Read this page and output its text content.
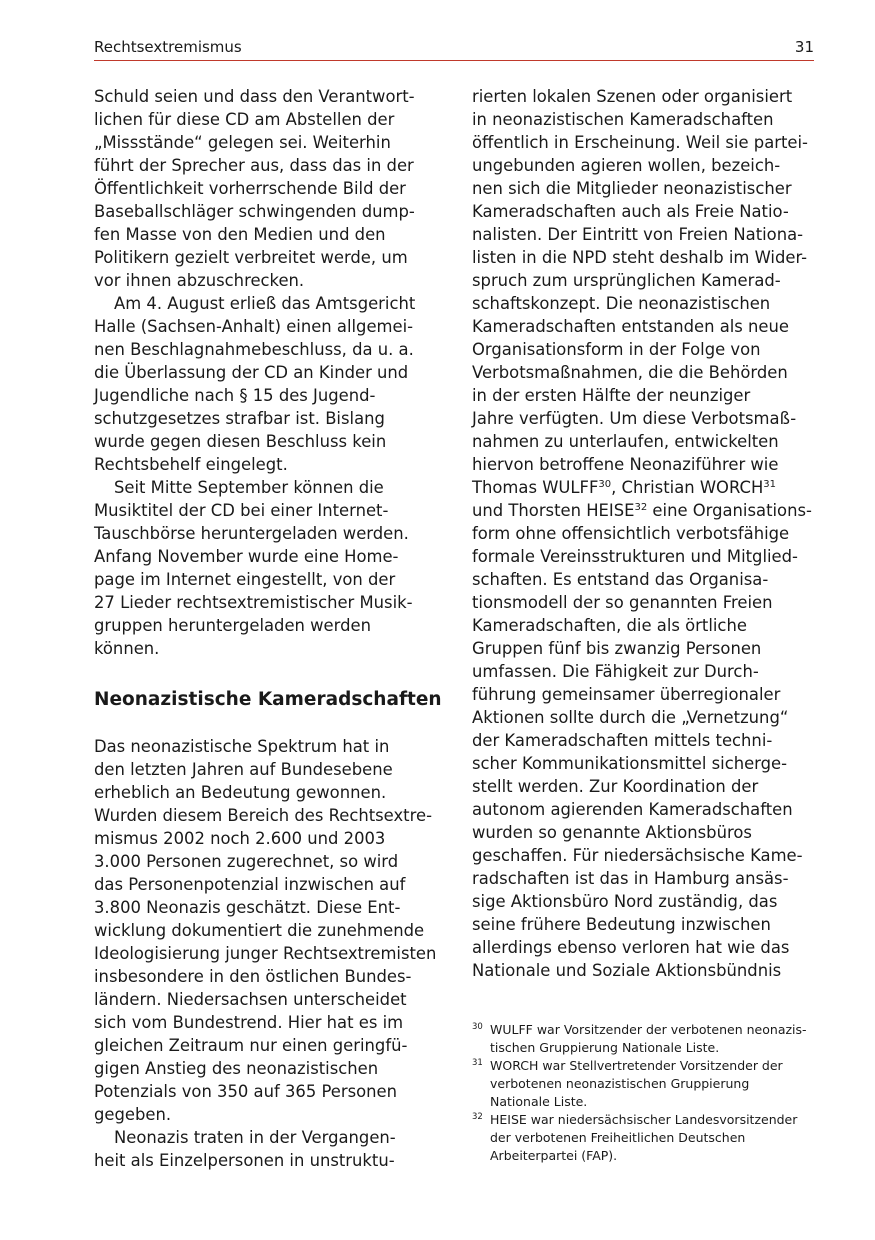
Rechtsextremismus	31
Schuld seien und dass den Verantwort-
lichen für diese CD am Abstellen der
„Missstände“ gelegen sei. Weiterhin
führt der Sprecher aus, dass das in der
Öffentlichkeit vorherrschende Bild der
Baseballschläger schwingenden dump-
fen Masse von den Medien und den
Politikern gezielt verbreitet werde, um
vor ihnen abzuschrecken.
Am 4. August erließ das Amtsgericht
Halle (Sachsen-Anhalt) einen allgemei-
nen Beschlagnahmebeschluss, da u. a.
die Überlassung der CD an Kinder und
Jugendliche nach § 15 des Jugend-
schutzgesetzes strafbar ist. Bislang
wurde gegen diesen Beschluss kein
Rechtsbehelf eingelegt.
Seit Mitte September können die
Musiktitel der CD bei einer Internet-
Tauschbörse heruntergeladen werden.
Anfang November wurde eine Home-
page im Internet eingestellt, von der
27 Lieder rechtsextremistischer Musik-
gruppen heruntergeladen werden
können.
Neonazistische Kameradschaften
Das neonazistische Spektrum hat in
den letzten Jahren auf Bundesebene
erheblich an Bedeutung gewonnen.
Wurden diesem Bereich des Rechtsextre-
mismus 2002 noch 2.600 und 2003
3.000 Personen zugerechnet, so wird
das Personenpotenzial inzwischen auf
3.800 Neonazis geschätzt. Diese Ent-
wicklung dokumentiert die zunehmende
Ideologisierung junger Rechtsextremisten
insbesondere in den östlichen Bundes-
ländern. Niedersachsen unterscheidet
sich vom Bundestrend. Hier hat es im
gleichen Zeitraum nur einen geringfü-
gigen Anstieg des neonazistischen
Potenzials von 350 auf 365 Personen
gegeben.
Neonazis traten in der Vergangen-
heit als Einzelpersonen in unstruktu-
rierten lokalen Szenen oder organisiert
in neonazistischen Kameradschaften
öffentlich in Erscheinung. Weil sie partei-
ungebunden agieren wollen, bezeich-
nen sich die Mitglieder neonazistischer
Kameradschaften auch als Freie Natio-
nalisten. Der Eintritt von Freien Nationa-
listen in die NPD steht deshalb im Wider-
spruch zum ursprünglichen Kamerad-
schaftskonzept. Die neonazistischen
Kameradschaften entstanden als neue
Organisationsform in der Folge von
Verbotsmaßnahmen, die die Behörden
in der ersten Hälfte der neunziger
Jahre verfügten. Um diese Verbotsmaß-
nahmen zu unterlaufen, entwickelten
hiervon betroffene Neonaziführer wie
Thomas WULFF$^{30}$, Christian WORCH$^{31}$
und Thorsten HEISE$^{32}$ eine Organisations-
form ohne offensichtlich verbotsfähige
formale Vereinsstrukturen und Mitglied-
schaften. Es entstand das Organisa-
tionsmodell der so genannten Freien
Kameradschaften, die als örtliche
Gruppen fünf bis zwanzig Personen
umfassen. Die Fähigkeit zur Durch-
führung gemeinsamer überregionaler
Aktionen sollte durch die „Vernetzung“
der Kameradschaften mittels techni-
scher Kommunikationsmittel sicherge-
stellt werden. Zur Koordination der
autonom agierenden Kameradschaften
wurden so genannte Aktionsbüros
geschaffen. Für niedersächsische Kame-
radschaften ist das in Hamburg ansäs-
sige Aktionsbüro Nord zuständig, das
seine frühere Bedeutung inzwischen
allerdings ebenso verloren hat wie das
Nationale und Soziale Aktionsbündnis
30 WULFF war Vorsitzender der verbotenen neonazis-
tischen Gruppierung Nationale Liste.
31 WORCH war Stellvertretender Vorsitzender der
verbotenen neonazistischen Gruppierung
Nationale Liste.
32 HEISE war niedersächsischer Landesvorsitzender
der verbotenen Freiheitlichen Deutschen
Arbeiterpartei (FAP).
